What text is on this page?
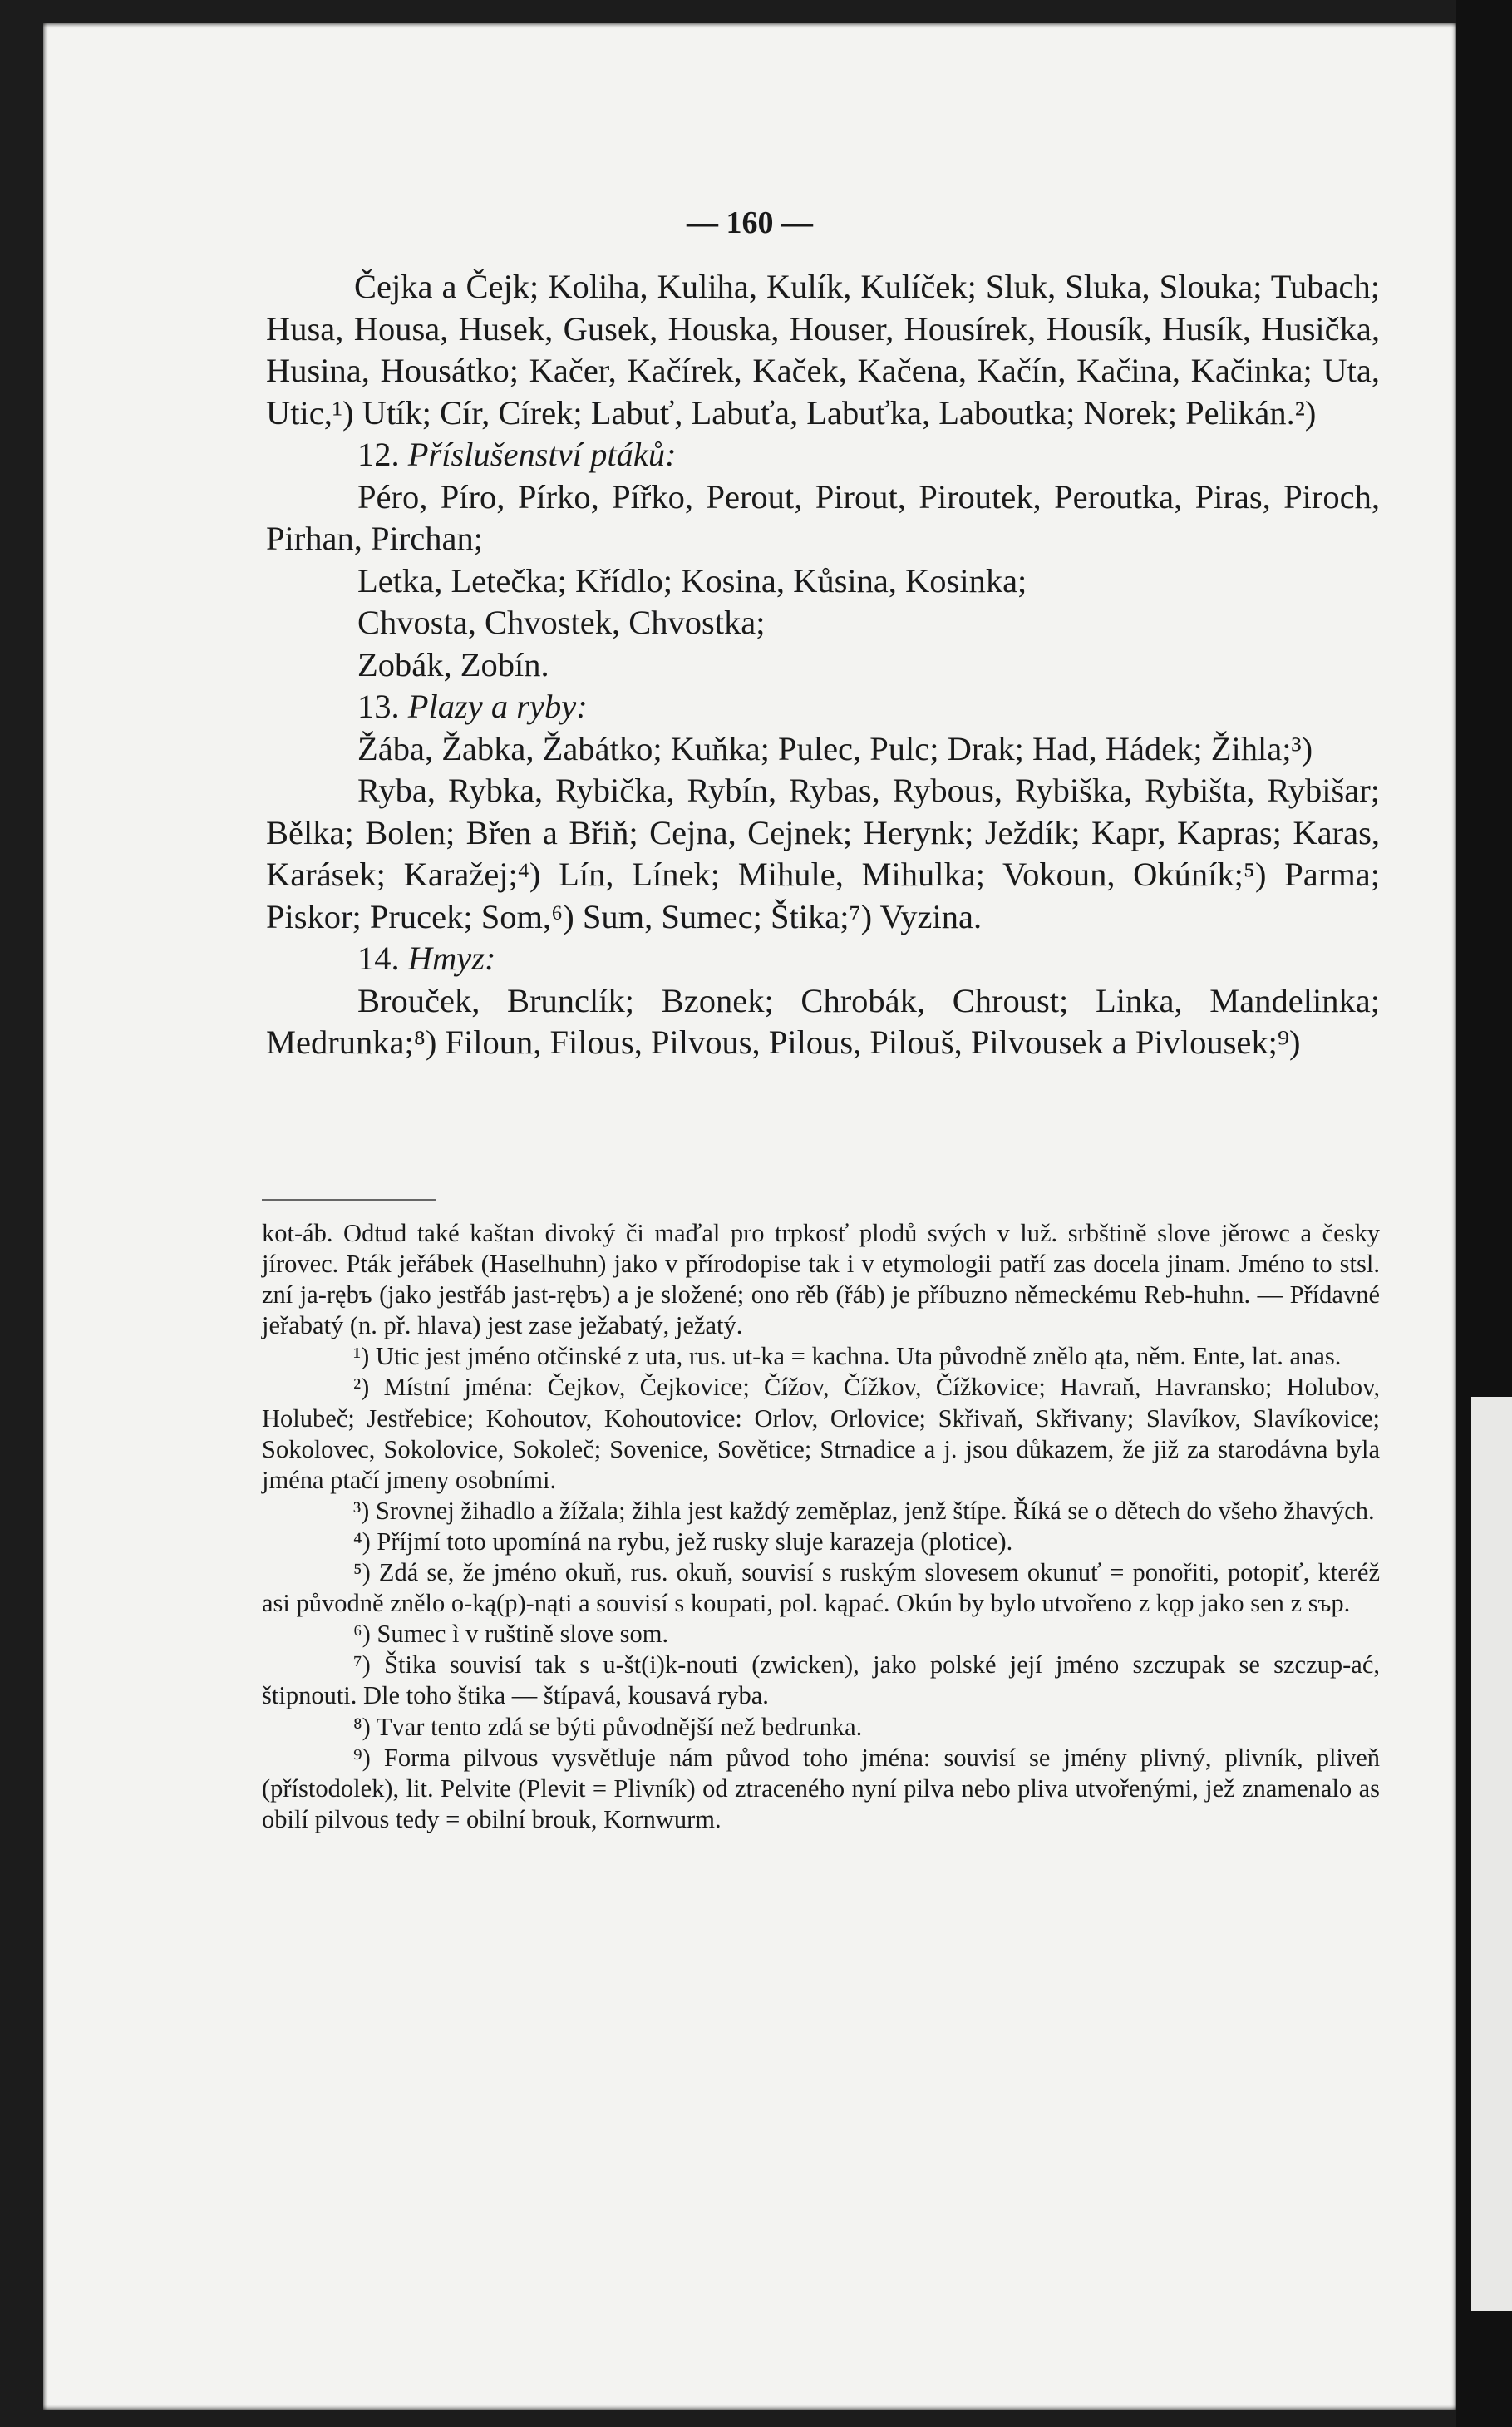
— 160 —

Čejka a Čejk; Koliha, Kuliha, Kulík, Kulíček; Sluk, Sluka, Slouka; Tubach; Husa, Housa, Husek, Gusek, Houska, Houser, Housírek, Housík, Husík, Husička, Husina, Housátko; Kačer, Kačírek, Kaček, Kačena, Kačín, Kačina, Kačinka; Uta, Utic,¹) Utík; Cír, Círek; Labuť, Labuťa, Labuťka, Laboutka; Norek; Pelikán.²)

12. Příslušenství ptáků:

Péro, Píro, Pírko, Pířko, Perout, Pirout, Piroutek, Peroutka, Piras, Piroch, Pirhan, Pirchan;

Letka, Letečka; Křídlo; Kosina, Kůsina, Kosinka;

Chvosta, Chvostek, Chvostka;

Zobák, Zobín.

13. Plazy a ryby:

Žába, Žabka, Žabátko; Kuňka; Pulec, Pulc; Drak; Had, Hádek; Žihla;³)

Ryba, Rybka, Rybička, Rybín, Rybas, Rybous, Rybiška, Rybišta, Rybišar; Bělka; Bolen; Břen a Břiň; Cejna, Cejnek; Herynk; Ježdík; Kapr, Kapras; Karas, Karásek; Karažej;⁴) Lín, Línek; Mihule, Mihulka; Vokoun, Okúník;⁵) Parma; Piskor; Prucek; Som,⁶) Sum, Sumec; Štika;⁷) Vyzina.

14. Hmyz:

Brouček, Brunclík; Bzonek; Chrobák, Chroust; Linka, Mandelinka; Medrunka;⁸) Filoun, Filous, Pilvous, Pilous, Pilouš, Pilvousek a Pivlousek;⁹)

kot-áb. Odtud také kaštan divoký či maďal pro trpkosť plodů svých v luž. srbštině slove jěrowc a česky jírovec. Pták jeřábek (Haselhuhn) jako v přírodopise tak i v etymologii patří zas docela jinam. Jméno to stsl. zní ja-rębъ (jako jestřáb jast-rębъ) a je složené; ono rěb (řáb) je příbuzno německému Reb-huhn. — Přídavné jeřabatý (n. př. hlava) jest zase ježabatý, ježatý.

¹) Utic jest jméno otčinské z uta, rus. ut-ka = kachna. Uta původně znělo ąta, něm. Ente, lat. anas.

²) Místní jména: Čejkov, Čejkovice; Čížov, Čížkov, Čížkovice; Havraň, Havransko; Holubov, Holubeč; Jestřebice; Kohoutov, Kohoutovice: Orlov, Orlovice; Skřivaň, Skřivany; Slavíkov, Slavíkovice; Sokolovec, Sokolovice, Sokoleč; Sovenice, Sovětice; Strnadice a j. jsou důkazem, že již za starodávna byla jména ptačí jmeny osobními.

³) Srovnej žihadlo a žížala; žihla jest každý zeměplaz, jenž štípe. Říká se o dětech do všeho žhavých.

⁴) Příjmí toto upomíná na rybu, jež rusky sluje karazeja (plotice).

⁵) Zdá se, že jméno okuň, rus. okuň, souvisí s ruským slovesem okunuť = ponořiti, potopiť, kteréž asi původně znělo o-ką(p)-nąti a souvisí s koupati, pol. kąpać. Okún by bylo utvořeno z kǫp jako sen z sъp.

⁶) Sumec ì v ruštině slove som.

⁷) Štika souvisí tak s u-št(i)k-nouti (zwicken), jako polské její jméno szczupak se szczup-ać, štipnouti. Dle toho štika — štípavá, kousavá ryba.

⁸) Tvar tento zdá se býti původnější než bedrunka.

⁹) Forma pilvous vysvětluje nám původ toho jména: souvisí se jmény plivný, plivník, pliveň (přístodolek), lit. Pelvite (Plevit = Plivník) od ztraceného nyní pilva nebo pliva utvořenými, jež znamenalo as obilí pilvous tedy = obilní brouk, Kornwurm.
